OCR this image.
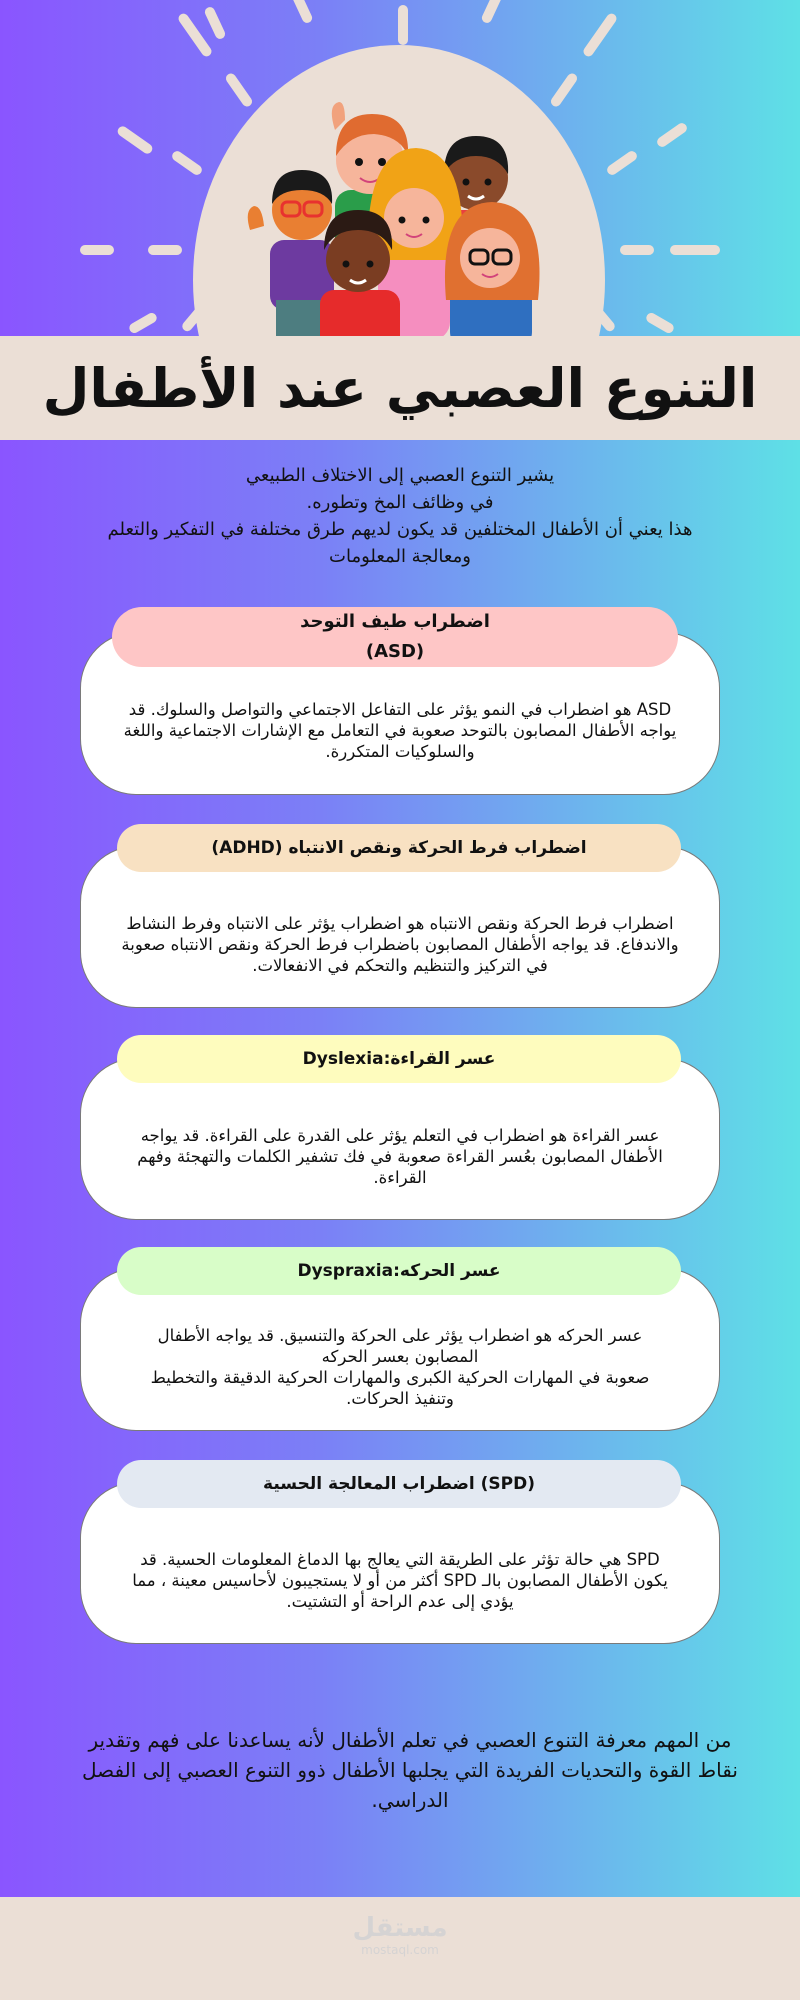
التنوع العصبي عند الأطفال

يشير التنوع العصبي إلى الاختلاف الطبيعي

في وظائف المخ وتطوره.

هذا يعني أن الأطفال المختلفين قد يكون لديهم طرق مختلفة في التفكير والتعلم

ومعالجة المعلومات

ASD هو اضطراب في النمو يؤثر على التفاعل الاجتماعي والتواصل والسلوك. قد يواجه الأطفال المصابون بالتوحد صعوبة في التعامل مع الإشارات الاجتماعية واللغة والسلوكيات المتكررة.

اضطراب طيف التوحد
(ASD)

اضطراب فرط الحركة ونقص الانتباه هو اضطراب يؤثر على الانتباه وفرط النشاط والاندفاع. قد يواجه الأطفال المصابون باضطراب فرط الحركة ونقص الانتباه صعوبة في التركيز والتنظيم والتحكم في الانفعالات.

اضطراب فرط الحركة ونقص الانتباه (ADHD)

عسر القراءة هو اضطراب في التعلم يؤثر على القدرة على القراءة. قد يواجه الأطفال المصابون بعُسر القراءة صعوبة في فك تشفير الكلمات والتهجئة وفهم القراءة.

عسر القراءة:Dyslexia

عسر الحركه هو اضطراب يؤثر على الحركة والتنسيق. قد يواجه الأطفال
المصابون بعسر الحركه
صعوبة في المهارات الحركية الكبرى والمهارات الحركية الدقيقة والتخطيط
وتنفيذ الحركات.

عسر الحركه:Dyspraxia

SPD هي حالة تؤثر على الطريقة التي يعالج بها الدماغ المعلومات الحسية. قد يكون الأطفال المصابون بالـ SPD أكثر من أو لا يستجيبون لأحاسيس معينة ، مما يؤدي إلى عدم الراحة أو التشتيت.

(SPD) اضطراب المعالجة الحسية
من المهم معرفة التنوع العصبي في تعلم الأطفال لأنه يساعدنا على فهم وتقدير نقاط القوة والتحديات الفريدة التي يجلبها الأطفال ذوو التنوع العصبي إلى الفصل الدراسي.
مستقل
mostaql.com
